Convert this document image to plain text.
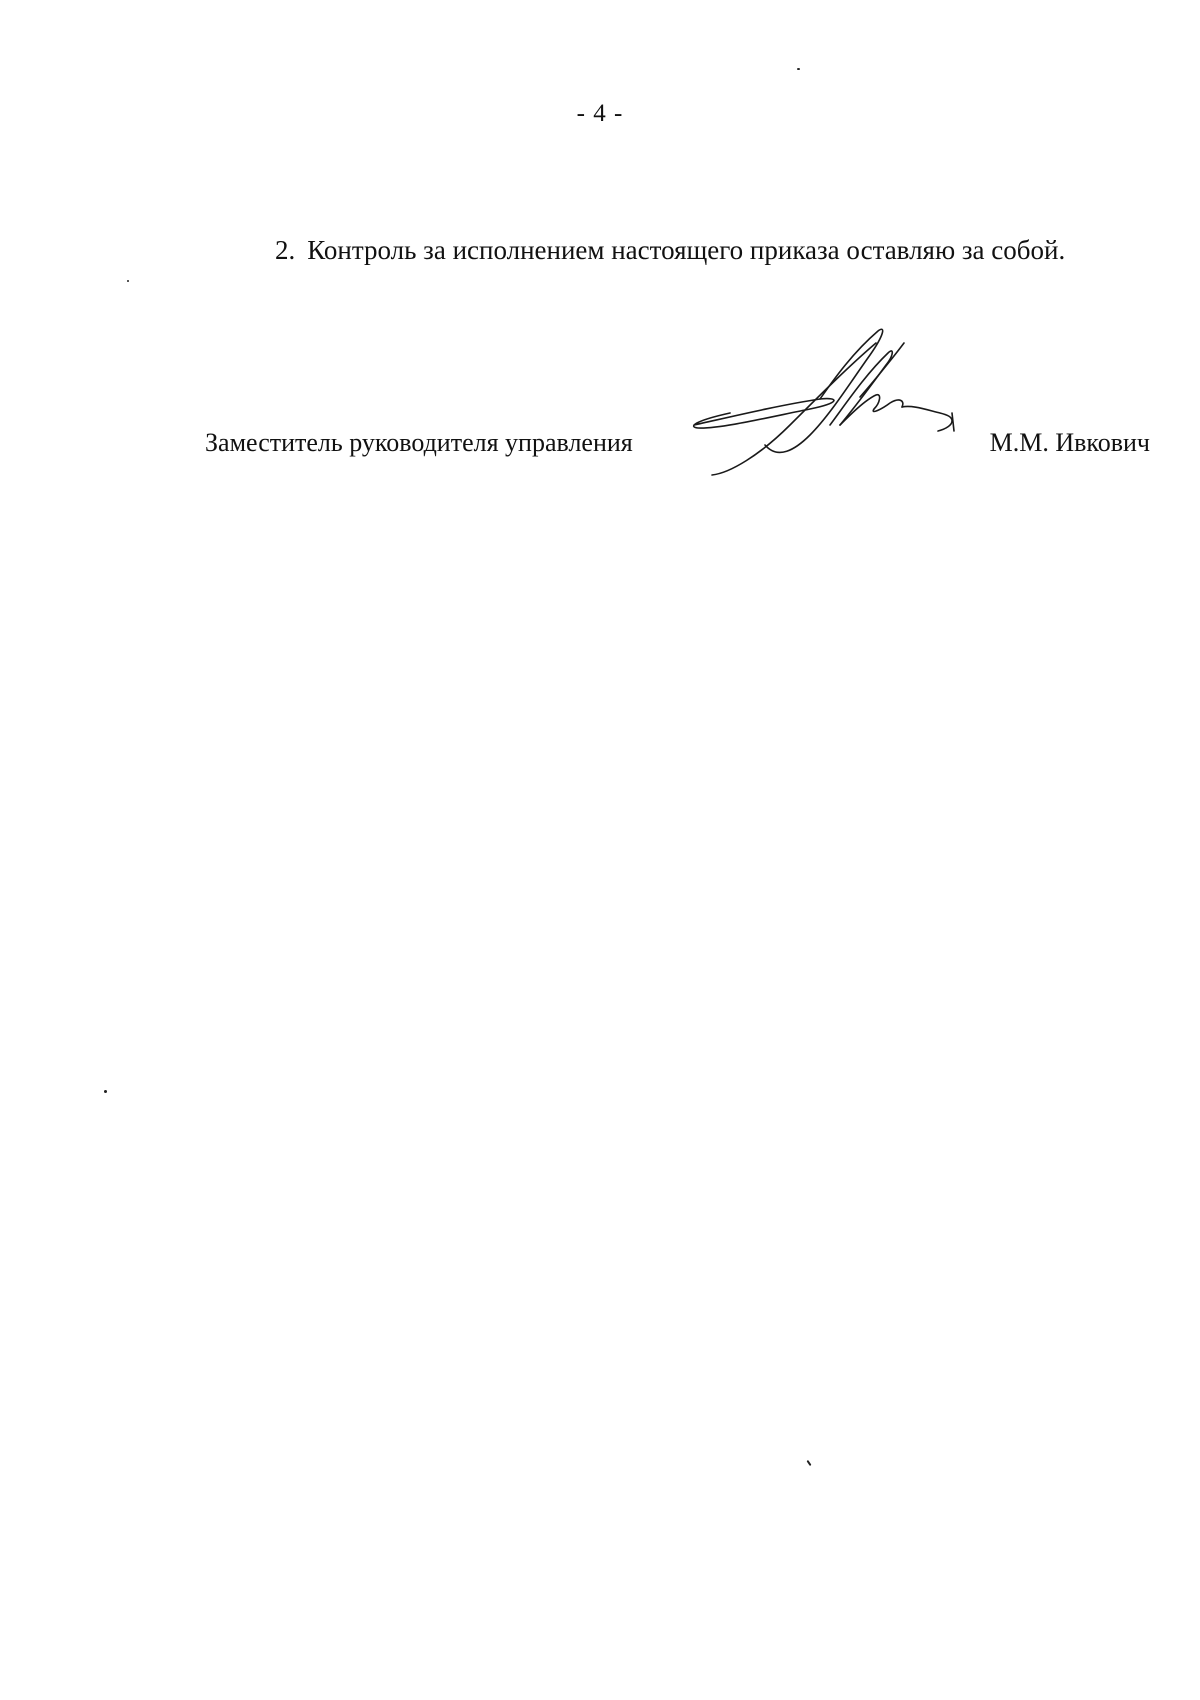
- 4 -
2. Контроль за исполнением настоящего приказа оставляю за собой.
Заместитель руководителя управления	М.М. Ивкович
